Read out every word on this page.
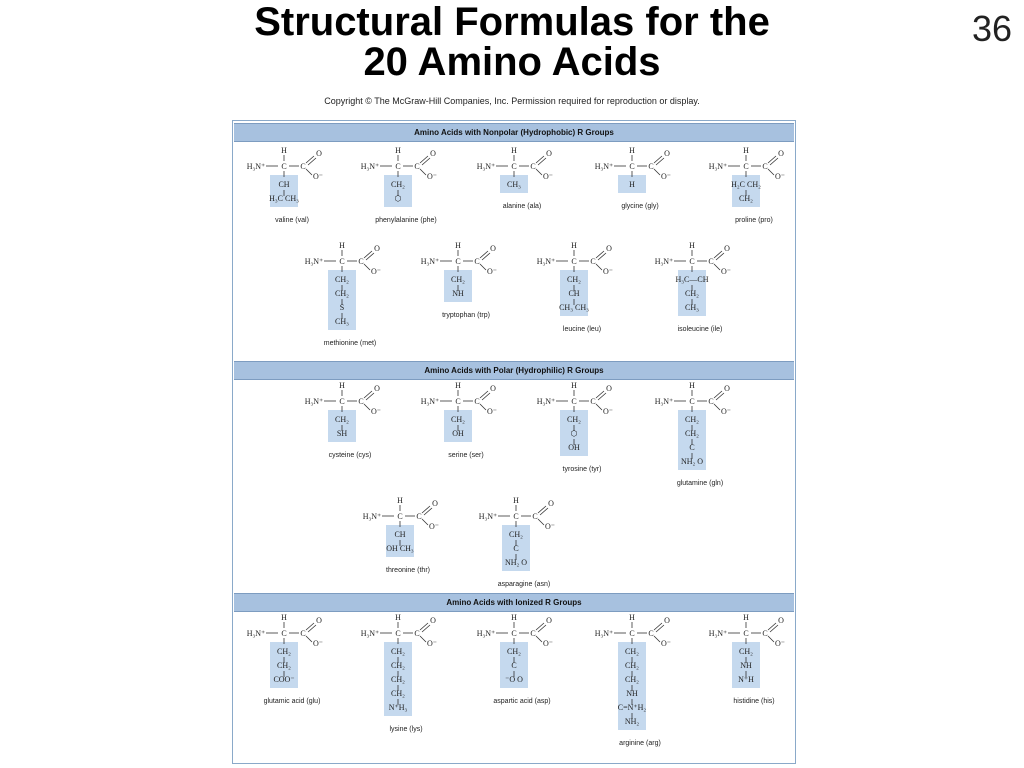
Structural Formulas for the
20 Amino Acids
36
Copyright © The McGraw-Hill Companies, Inc. Permission required for reproduction or display.
Amino Acids with Nonpolar (Hydrophobic) R Groups
Amino Acids with Polar (Hydrophilic) R Groups
Amino Acids with Ionized R Groups
H
H₃N⁺ C C
O
O⁻
CH
H₃C CH₃
valine (val)
H
H₃N⁺ C C
O
O⁻
CH₂
⬡
phenylalanine (phe)
H
H₃N⁺ C C
O
O⁻
CH₃
alanine (ala)
H
H₃N⁺ C C
O
O⁻
H
glycine (gly)
H
H₃N⁺ C C
O
O⁻
H₂C CH₂
CH₂
proline (pro)
H
H₃N⁺ C C
O
O⁻
CH₂
CH₂
S
CH₃
methionine (met)
H
H₃N⁺ C C
O
O⁻
CH₂
NH
tryptophan (trp)
H
H₃N⁺ C C
O
O⁻
CH₂
CH
CH₃ CH₃
leucine (leu)
H
H₃N⁺ C C
O
O⁻
H₃C—CH
CH₂
CH₃
isoleucine (ile)
H
H₃N⁺ C C
O
O⁻
CH₂
SH
cysteine (cys)
H
H₃N⁺ C C
O
O⁻
CH₂
OH
serine (ser)
H
H₃N⁺ C C
O
O⁻
CH₂
⬡
OH
tyrosine (tyr)
H
H₃N⁺ C C
O
O⁻
CH₂
CH₂
C
NH₂ O
glutamine (gln)
H
H₃N⁺ C C
O
O⁻
CH
OH CH₃
threonine (thr)
H
H₃N⁺ C C
O
O⁻
CH₂
C
NH₂ O
asparagine (asn)
H
H₃N⁺ C C
O
O⁻
CH₂
CH₂
COO⁻
glutamic acid (glu)
H
H₃N⁺ C C
O
O⁻
CH₂
CH₂
CH₂
CH₂
N⁺H₃
lysine (lys)
H
H₃N⁺ C C
O
O⁻
CH₂
C
⁻O O
aspartic acid (asp)
H
H₃N⁺ C C
O
O⁻
CH₂
CH₂
CH₂
NH
C=N⁺H₂
NH₂
arginine (arg)
H
H₃N⁺ C C
O
O⁻
CH₂
NH
N⁺H
histidine (his)
